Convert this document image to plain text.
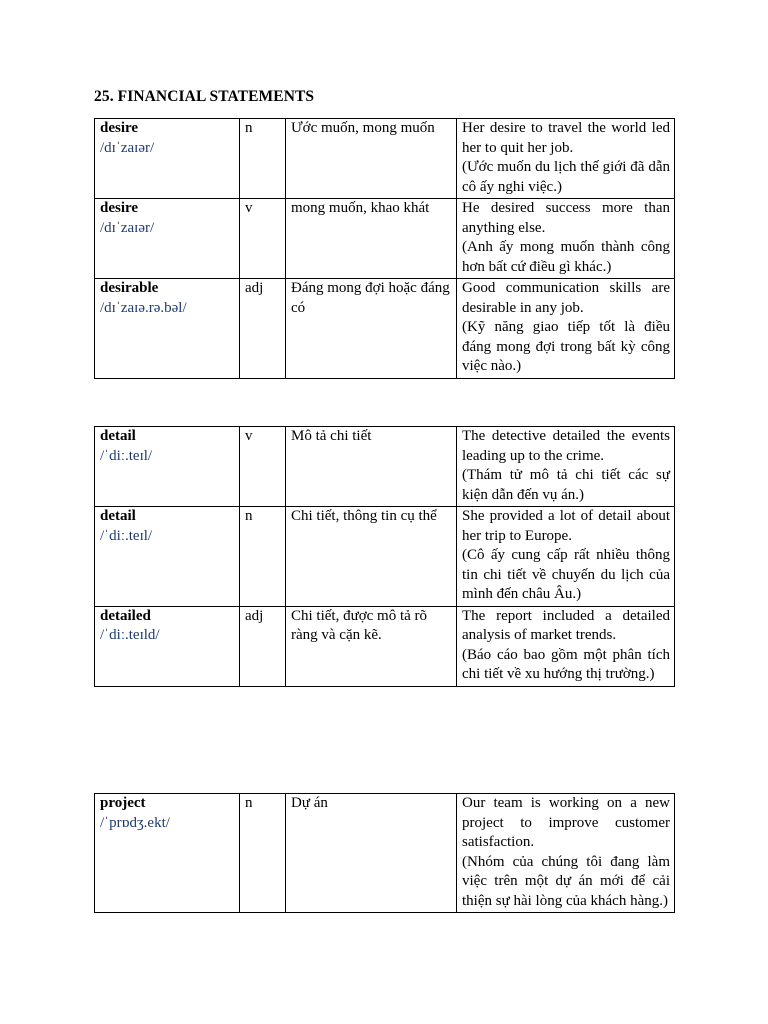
25. FINANCIAL STATEMENTS
desire
/dɪˈzaɪər/	n	Ước muốn, mong muốn	Her desire to travel the world led her to quit her job.
(Ước muốn du lịch thế giới đã dẫn cô ấy nghi việc.)

desire
/dɪˈzaɪər/	v	mong muốn, khao khát	He desired success more than anything else.
(Anh ấy mong muốn thành công hơn bất cứ điều gì khác.)

desirable
/dɪˈzaɪə.rə.bəl/	adj	Đáng mong đợi hoặc đáng có	Good communication skills are desirable in any job.
(Kỹ năng giao tiếp tốt là điều đáng mong đợi trong bất kỳ công việc nào.)
detail
/ˈdiː.teɪl/	v	Mô tả chi tiết	The detective detailed the events leading up to the crime.
(Thám tử mô tả chi tiết các sự kiện dẫn đến vụ án.)

detail
/ˈdiː.teɪl/	n	Chi tiết, thông tin cụ thể	She provided a lot of detail about her trip to Europe.
(Cô ấy cung cấp rất nhiều thông tin chi tiết về chuyến du lịch của mình đến châu Âu.)

detailed
/ˈdiː.teɪld/	adj	Chi tiết, được mô tả rõ ràng và cặn kẽ.	The report included a detailed analysis of market trends.
(Báo cáo bao gồm một phân tích chi tiết về xu hướng thị trường.)
project
/ˈprɒdʒ.ekt/
	n	Dự án	Our team is working on a new project to improve customer satisfaction.
(Nhóm của chúng tôi đang làm việc trên một dự án mới để cải thiện sự hài lòng của khách hàng.)
